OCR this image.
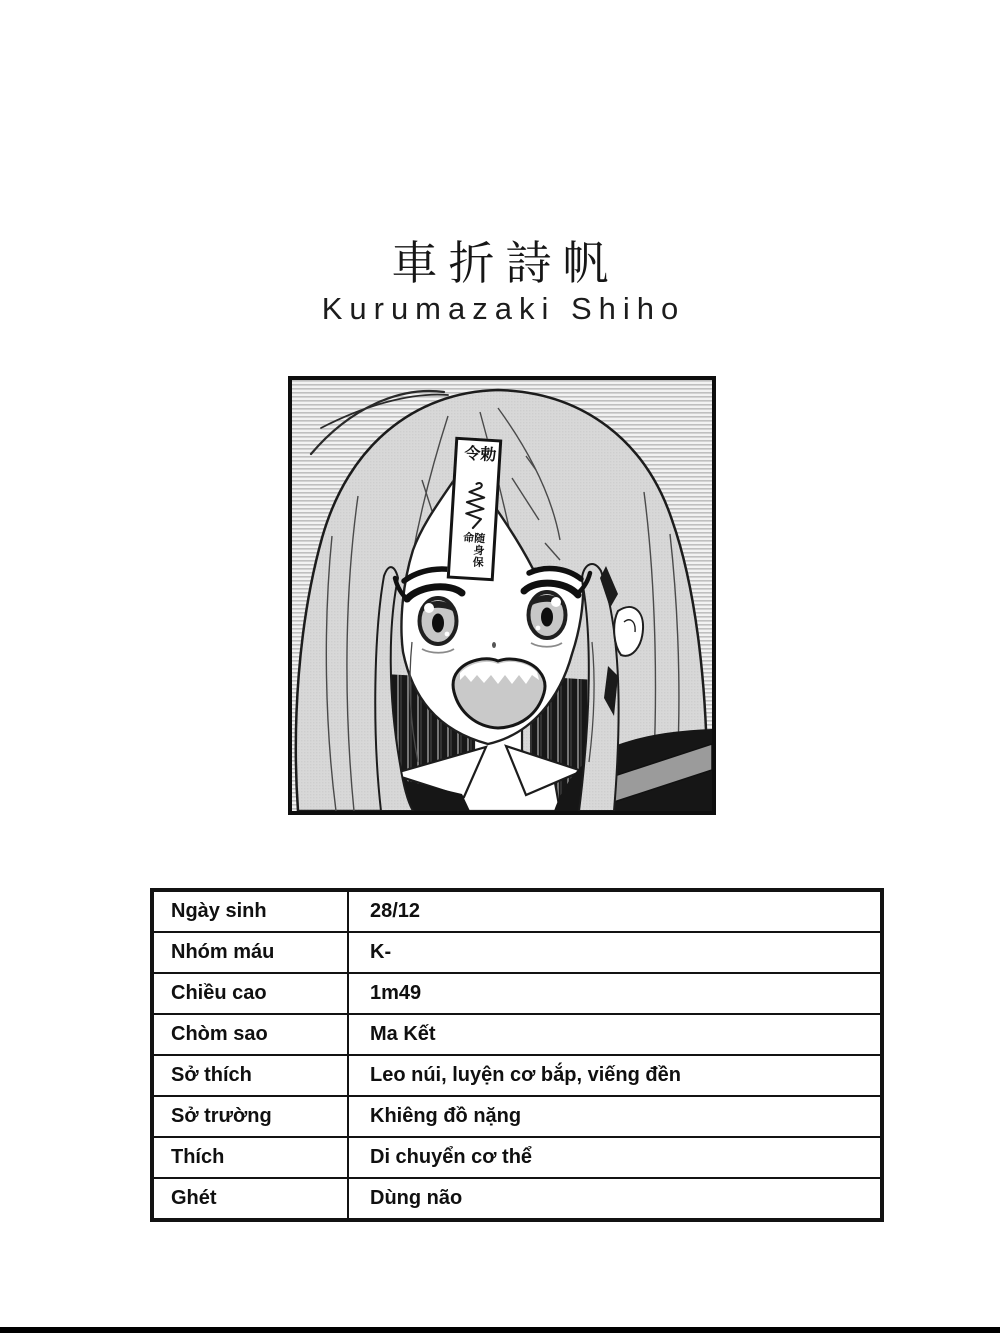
車折詩帆
Kurumazaki Shiho
勅令
随身保命
Ngày sinh	28/12
Nhóm máu	K-
Chiều cao	1m49
Chòm sao	Ma Kết
Sở thích	Leo núi, luyện cơ bắp, viếng đền
Sở trường	Khiêng đồ nặng
Thích	Di chuyển cơ thể
Ghét	Dùng não
